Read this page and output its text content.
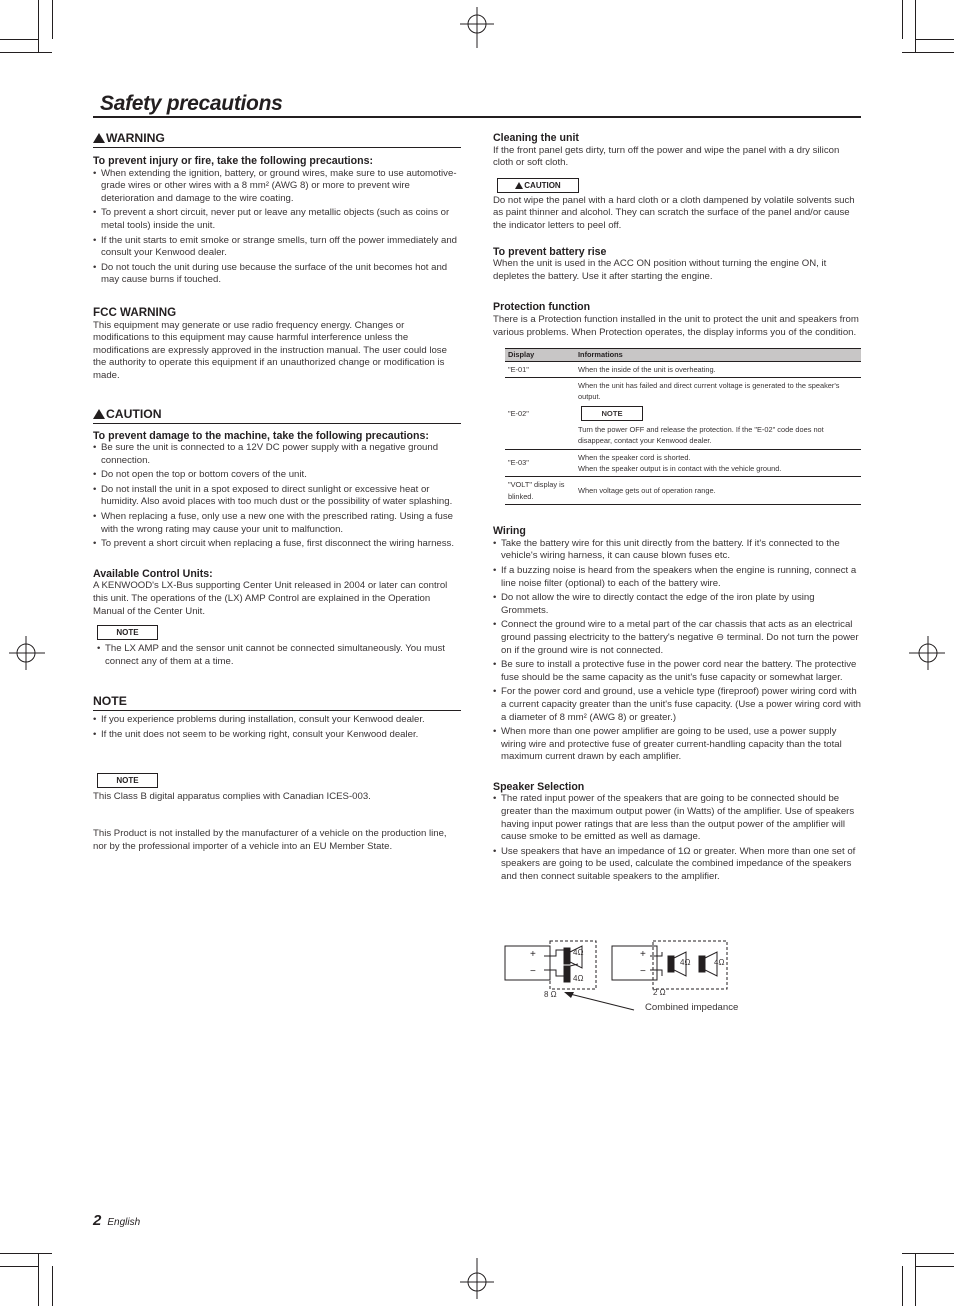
Safety precautions
WARNING
To prevent injury or fire, take the following precautions:
• When extending the ignition, battery, or ground wires, make sure to use automotive-grade wires or other wires with a 8 mm² (AWG 8) or more to prevent wire deterioration and damage to the wire coating.
• To prevent a short circuit, never put or leave any metallic objects (such as coins or metal tools) inside the unit.
• If the unit starts to emit smoke or strange smells, turn off the power immediately and consult your Kenwood dealer.
• Do not touch the unit during use because the surface of the unit becomes hot and may cause burns if touched.
FCC WARNING
This equipment may generate or use radio frequency energy. Changes or modifications to this equipment may cause harmful interference unless the modifications are expressly approved in the instruction manual. The user could lose the authority to operate this equipment if an unauthorized change or modification is made.
CAUTION
To prevent damage to the machine, take the following precautions:
• Be sure the unit is connected to a 12V DC power supply with a negative ground connection.
• Do not open the top or bottom covers of the unit.
• Do not install the unit in a spot exposed to direct sunlight or excessive heat or humidity. Also avoid places with too much dust or the possibility of water splashing.
• When replacing a fuse, only use a new one with the prescribed rating. Using a fuse with the wrong rating may cause your unit to malfunction.
• To prevent a short circuit when replacing a fuse, first disconnect the wiring harness.
Available Control Units:
A KENWOOD's LX-Bus supporting Center Unit released in 2004 or later can control this unit. The operations of the (LX) AMP Control are explained in the Operation Manual of the Center Unit.
NOTE
• The LX AMP and the sensor unit cannot be connected simultaneously. You must connect any of them at a time.
NOTE
• If you experience problems during installation, consult your Kenwood dealer.
• If the unit does not seem to be working right, consult your Kenwood dealer.
NOTE
This Class B digital apparatus complies with Canadian ICES-003.
This Product is not installed by the manufacturer of a vehicle on the production line, nor by the professional importer of a vehicle into an EU Member State.
Cleaning the unit
If the front panel gets dirty, turn off the power and wipe the panel with a dry silicon cloth or soft cloth.
CAUTION
Do not wipe the panel with a hard cloth or a cloth dampened by volatile solvents such as paint thinner and alcohol. They can scratch the surface of the panel and/or cause the indicator letters to peel off.
To prevent battery rise
When the unit is used in the ACC ON position without turning the engine ON, it depletes the battery. Use it after starting the engine.
Protection function
There is a Protection function installed in the unit to protect the unit and speakers from various problems. When Protection operates, the display informs you of the condition.
Display	Informations
"E-01"	When the inside of the unit is overheating.
"E-02"	When the unit has failed and direct current voltage is generated to the speaker's output.
NOTE
Turn the power OFF and release the protection. If the "E-02" code does not disappear, contact your Kenwood dealer.

"E-03"	When the speaker cord is shorted.
When the speaker output is in contact with the vehicle ground.

"VOLT" display is blinked.	When voltage gets out of operation range.
Wiring
• Take the battery wire for this unit directly from the battery. If it's connected to the vehicle's wiring harness, it can cause blown fuses etc.
• If a buzzing noise is heard from the speakers when the engine is running, connect a line noise filter (optional) to each of the battery wire.
• Do not allow the wire to directly contact the edge of the iron plate by using Grommets.
• Connect the ground wire to a metal part of the car chassis that acts as an electrical ground passing electricity to the battery's negative ⊖ terminal. Do not turn the power on if the ground wire is not connected.
• Be sure to install a protective fuse in the power cord near the battery. The protective fuse should be the same capacity as the unit's fuse capacity or somewhat larger.
• For the power cord and ground, use a vehicle type (fireproof) power wiring cord with a current capacity greater than the unit's fuse capacity. (Use a power wiring cord with a diameter of 8 mm² (AWG 8) or greater.)
• When more than one power amplifier are going to be used, use a power supply wiring wire and protective fuse of greater current-handling capacity than the total maximum current drawn by each amplifier.
Speaker Selection
• The rated input power of the speakers that are going to be connected should be greater than the maximum output power (in Watts) of the amplifier. Use of speakers having input power ratings that are less than the output power of the amplifier will cause smoke to be emitted as well as damage.
• Use speakers that have an impedance of 1Ω or greater. When more than one set of speakers are going to be used, calculate the combined impedance of the speakers and then connect suitable speakers to the amplifier.
+
−
4Ω
4Ω
8 Ω
+
−
4Ω	4Ω
2 Ω
Combined impedance
2 English
